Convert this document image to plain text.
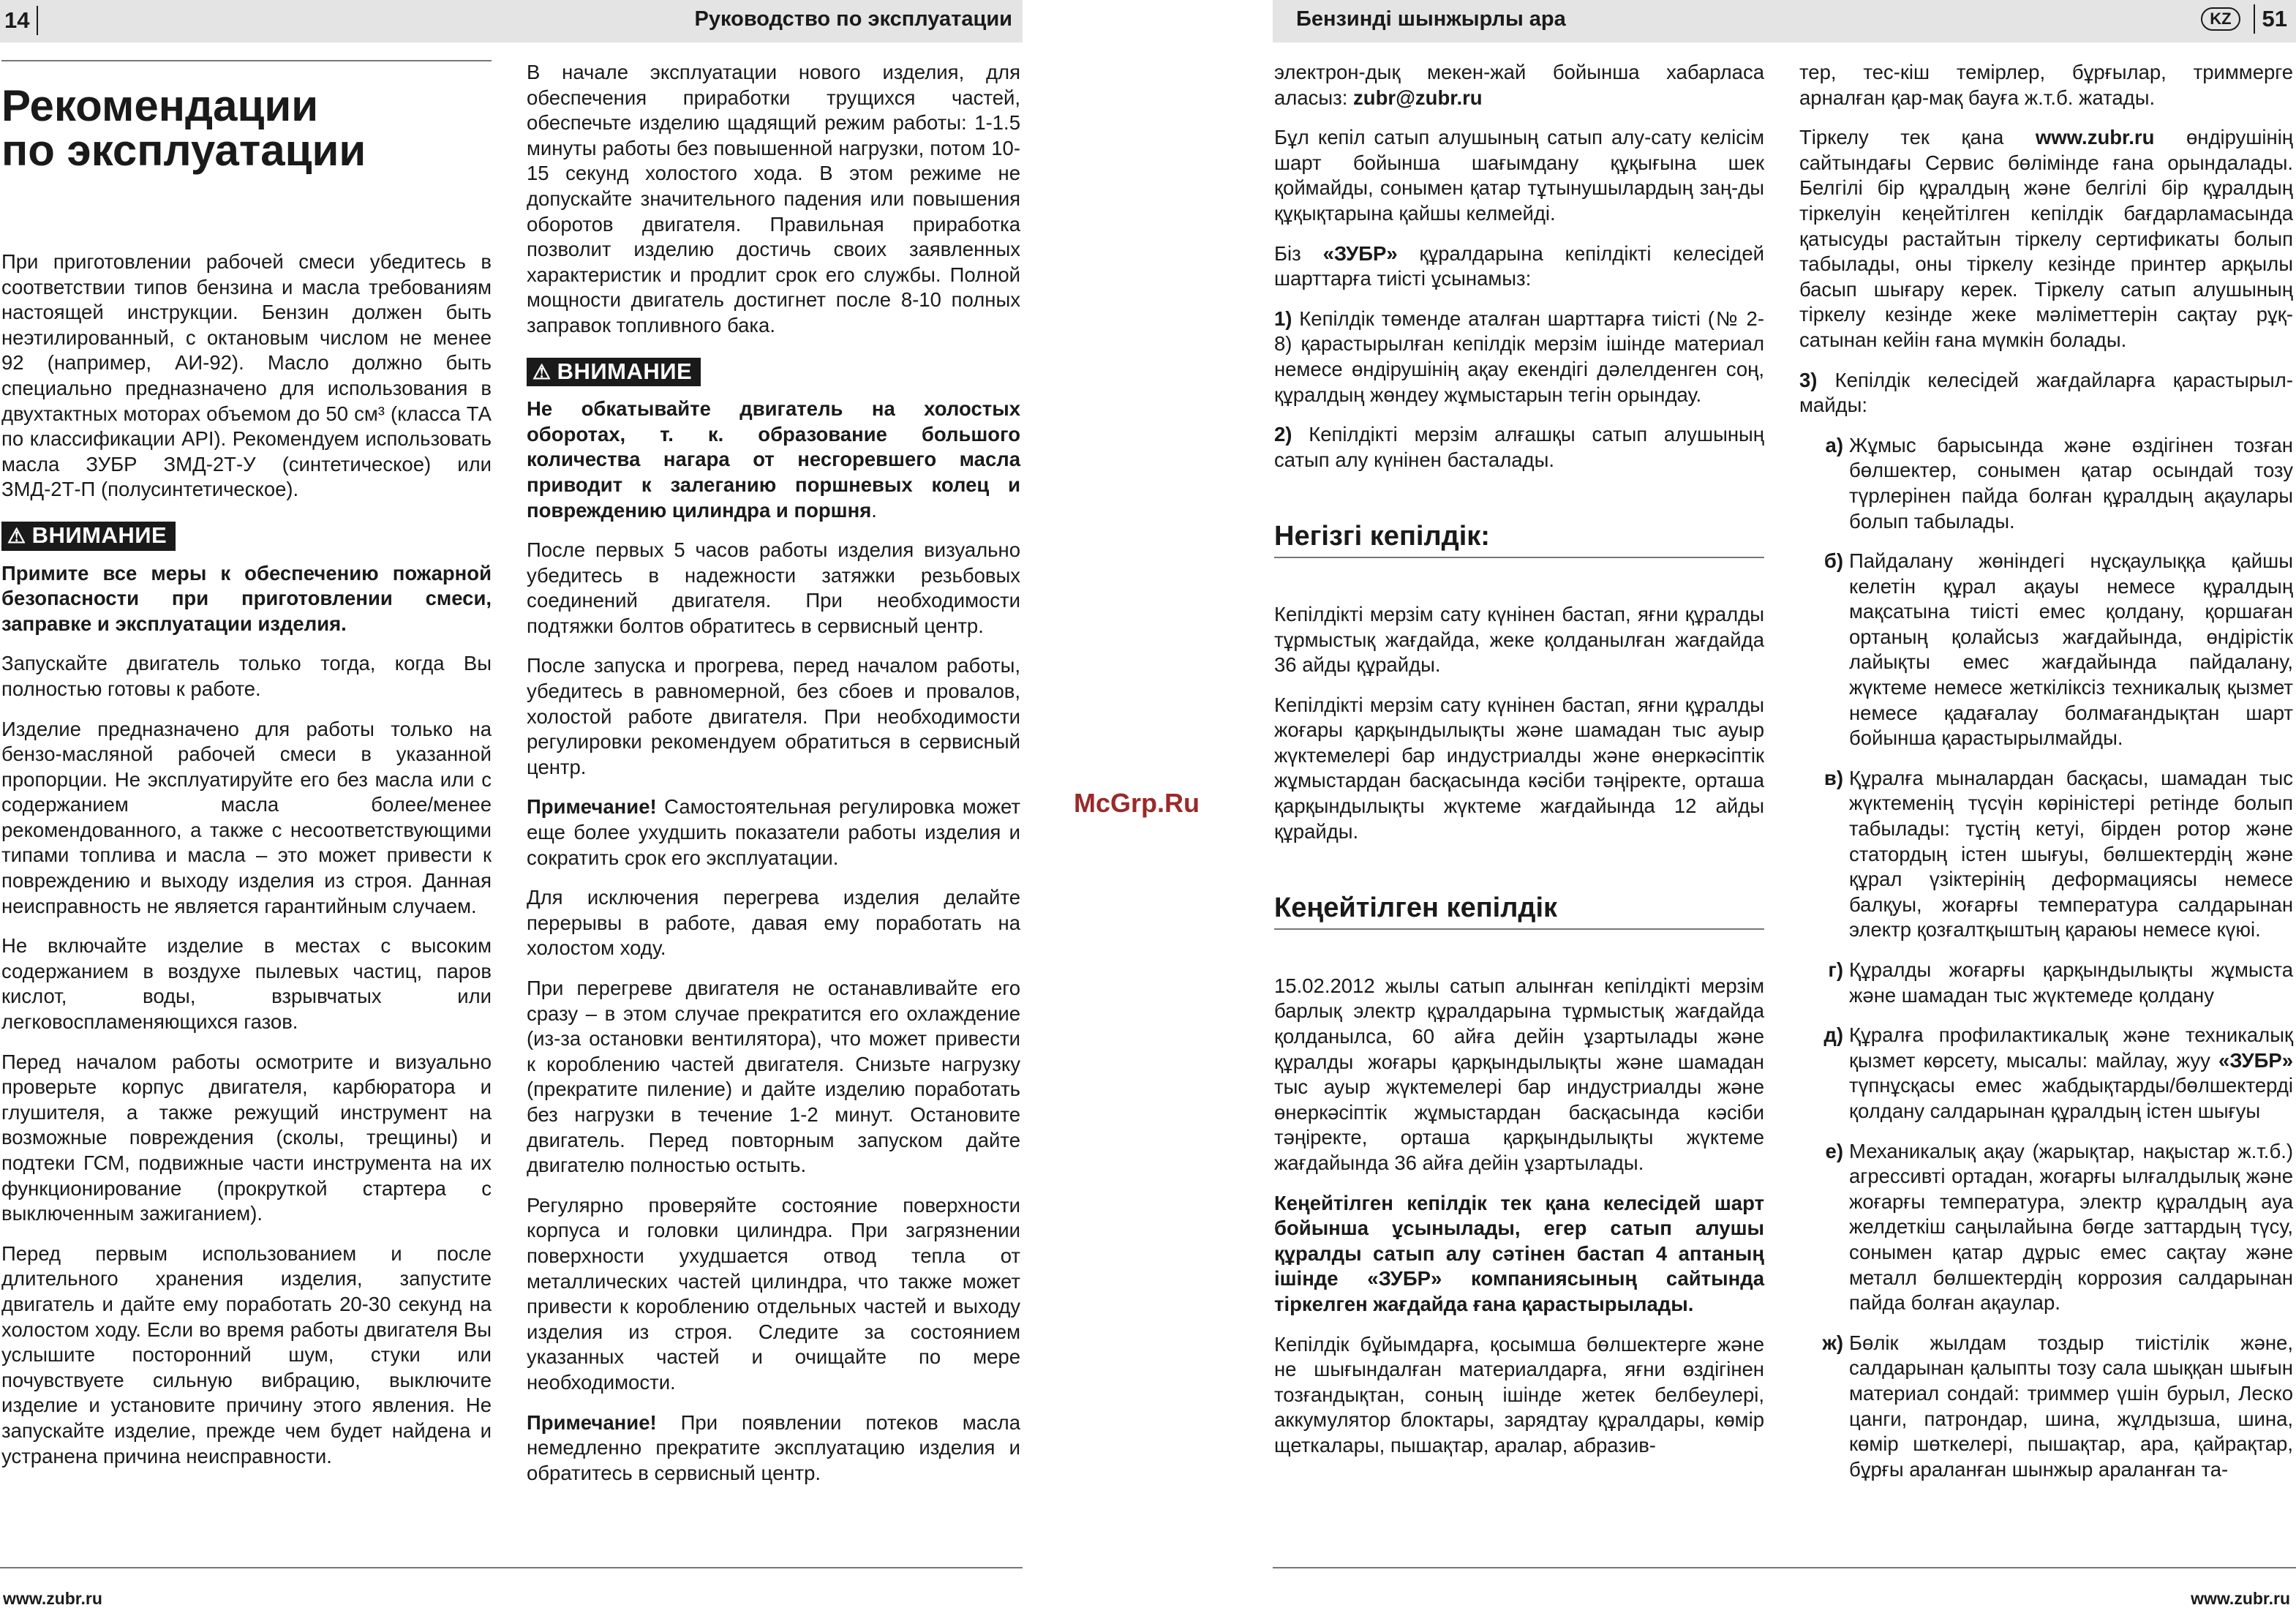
14	Руководство по эксплуатации
Рекомендации
по эксплуатации

При приготовлении рабочей смеси убедитесь в соответствии типов бензина и масла требованиям настоящей инструкции. Бензин должен быть неэтилированный, с октановым числом не менее 92 (например, АИ-92). Масло должно быть специально предназначено для использования в двухтактных моторах объемом до 50 см³ (класса ТА по классификации API). Рекомендуем использовать масла ЗУБР ЗМД-2Т-У (синтетическое) или ЗМД-2Т-П (полусинтетическое).

⚠ ВНИМАНИЕ

Примите все меры к обеспечению пожарной безопасности при приготовлении смеси, заправке и эксплуатации изделия.

Запускайте двигатель только тогда, когда Вы полностью готовы к работе.

Изделие предназначено для работы только на бензо-масляной рабочей смеси в указанной пропорции. Не эксплуатируйте его без масла или с содержанием масла более/менее рекомендованного, а также с несоответствующими типами топлива и масла – это может привести к повреждению и выходу изделия из строя. Данная неисправность не является гарантийным случаем.

Не включайте изделие в местах с высоким содержанием в воздухе пылевых частиц, паров кислот, воды, взрывчатых или легковоспламеняющихся газов.

Перед началом работы осмотрите и визуально проверьте корпус двигателя, карбюратора и глушителя, а также режущий инструмент на возможные повреждения (сколы, трещины) и подтеки ГСМ, подвижные части инструмента на их функционирование (прокруткой стартера с выключенным зажиганием).

Перед первым использованием и после длительного хранения изделия, запустите двигатель и дайте ему поработать 20-30 секунд на холостом ходу. Если во время работы двигателя Вы услышите посторонний шум, стуки или почувствуете сильную вибрацию, выключите изделие и установите причину этого явления. Не запускайте изделие, прежде чем будет найдена и устранена причина неисправности.

В начале эксплуатации нового изделия, для обеспечения приработки трущихся частей, обеспечьте изделию щадящий режим работы: 1-1.5 минуты работы без повышенной нагрузки, потом 10-15 секунд холостого хода. В этом режиме не допускайте значительного падения или повышения оборотов двигателя. Правильная приработка позволит изделию достичь своих заявленных характеристик и продлит срок его службы. Полной мощности двигатель достигнет после 8-10 полных заправок топливного бака.

⚠ ВНИМАНИЕ

Не обкатывайте двигатель на холостых оборотах, т. к. образование большого количества нагара от несгоревшего масла приводит к залеганию поршневых колец и повреждению цилиндра и поршня.

После первых 5 часов работы изделия визуально убедитесь в надежности затяжки резьбовых соединений двигателя. При необходимости подтяжки болтов обратитесь в сервисный центр.

После запуска и прогрева, перед началом работы, убедитесь в равномерной, без сбоев и провалов, холостой работе двигателя. При необходимости регулировки рекомендуем обратиться в сервисный центр.

Примечание! Самостоятельная регулировка может еще более ухудшить показатели работы изделия и сократить срок его эксплуатации.

Для исключения перегрева изделия делайте перерывы в работе, давая ему поработать на холостом ходу.

При перегреве двигателя не останавливайте его сразу – в этом случае прекратится его охлаждение (из-за остановки вентилятора), что может привести к короблению частей двигателя. Снизьте нагрузку (прекратите пиление) и дайте изделию поработать без нагрузки в течение 1-2 минут. Остановите двигатель. Перед повторным запуском дайте двигателю полностью остыть.

Регулярно проверяйте состояние поверхности корпуса и головки цилиндра. При загрязнении поверхности ухудшается отвод тепла от металлических частей цилиндра, что также может привести к короблению отдельных частей и выходу изделия из строя. Следите за состоянием указанных частей и очищайте по мере необходимости.

Примечание! При появлении потеков масла немедленно прекратите эксплуатацию изделия и обратитесь в сервисный центр.

www.zubr.ru
McGrp.Ru
Бензинді шынжырлы ара	KZ	51

электрон-дық мекен-жай бойынша хабарласа аласыз: zubr@zubr.ru

Бұл кепіл сатып алушының сатып алу-сату келісім шарт бойынша шағымдану құқығына шек қоймайды, сонымен қатар тұтынушылардың заң-ды құқықтарына қайшы келмейді.

Біз «ЗУБР» құралдарына кепілдікті келесідей шарттарға тиісті ұсынамыз:

1) Кепілдік төменде аталған шарттарға тиісті (№ 2-8) қарастырылған кепілдік мерзім ішінде материал немесе өндірушінің ақау екендігі дәлелденген соң, құралдың жөндеу жұмыстарын тегін орындау.

2) Кепілдікті мерзім алғашқы сатып алушының сатып алу күнінен басталады.

Негізгі кепілдік:

Кепілдікті мерзім сату күнінен бастап, яғни құралды тұрмыстық жағдайда, жеке қолданылған жағдайда 36 айды құрайды.

Кепілдікті мерзім сату күнінен бастап, яғни құралды жоғары қарқындылықты және шамадан тыс ауыр жүктемелері бар индустриалды және өнеркәсіптік жұмыстардан басқасында кәсіби тәңіректе, орташа қарқындылықты жүктеме жағдайында 12 айды құрайды.

Кеңейтілген кепілдік

15.02.2012 жылы сатып алынған кепілдікті мерзім барлық электр құралдарына тұрмыстық жағдайда қолданылса, 60 айға дейін ұзартылады және құралды жоғары қарқындылықты және шамадан тыс ауыр жүктемелері бар индустриалды және өнеркәсіптік жұмыстардан басқасында кәсіби тәңіректе, орташа қарқындылықты жүктеме жағдайында 36 айға дейін ұзартылады.

Кеңейтілген кепілдік тек қана келесідей шарт бойынша ұсынылады, егер сатып алушы құралды сатып алу сәтінен бастап 4 аптаның ішінде «ЗУБР» компаниясының сайтында тіркелген жағдайда ғана қарастырылады.

Кепілдік бұйымдарға, қосымша бөлшектерге және не шығындалған материалдарға, яғни өздігінен тозғандықтан, соның ішінде жетек белбеулері, аккумулятор блоктары, зарядтау құралдары, көмір щеткалары, пышақтар, аралар, абразив-

тер, тес-кіш темірлер, бұрғылар, триммерге арналған қар-мақ бауға ж.т.б. жатады.

Тіркелу тек қана www.zubr.ru өндірушінің сайтындағы Сервис бөлімінде ғана орындалады. Белгілі бір құралдың және белгілі бір құралдың тіркелуін кеңейтілген кепілдік бағдарламасында қатысуды растайтын тіркелу сертификаты болып табылады, оны тіркелу кезінде принтер арқылы басып шығару керек. Тіркелу сатып алушының тіркелу кезінде жеке мәліметтерін сақтау рұқ-сатынан кейін ғана мүмкін болады.

3) Кепілдік келесідей жағдайларға қарастырыл-майды:

а) Жұмыс барысында және өздігінен тозған бөлшектер, сонымен қатар осындай тозу түрлерінен пайда болған құралдың ақаулары болып табылады.
б) Пайдалану жөніндегі нұсқаулыққа қайшы келетін құрал ақауы немесе құралдың мақсатына тиісті емес қолдану, қоршаған ортаның қолайсыз жағдайында, өндірістік лайықты емес жағдайында пайдалану, жүктеме немесе жеткіліксіз техникалық қызмет немесе қадағалау болмағандықтан шарт бойынша қарастырылмайды.
в) Құралға мыналардан басқасы, шамадан тыс жүктеменің түсүін көріністері ретінде болып табылады: тұстің кетуі, бірден ротор және статордың істен шығуы, бөлшектердің және құрал үзіктерінің деформациясы немесе балқуы, жоғарғы температура салдарынан электр қозғалтқыштың қараюы немесе күюі.
г) Құралды жоғарғы қарқындылықты жұмыста және шамадан тыс жүктемеде қолдану
д) Құралға профилактикалық және техникалық қызмет көрсету, мысалы: майлау, жуу «ЗУБР» түпнұсқасы емес жабдықтарды/бөлшектерді қолдану салдарынан құралдың істен шығуы
е) Механикалық ақау (жарықтар, нақыстар ж.т.б.) агрессивті ортадан, жоғарғы ылғалдылық және жоғарғы температура, электр құралдың ауа желдеткіш саңылайына бөгде заттардың түсу, сонымен қатар дұрыс емес сақтау және металл бөлшектердің коррозия салдарынан пайда болған ақаулар.
ж) Бөлік жылдам тоздыр тиістілік және, салдарынан қалыпты тозу сала шыққан шығын материал сондай: триммер үшін бурыл, Леско цанги, патрондар, шина, жұлдызша, шина, көмір шөткелері, пышақтар, ара, қайрақтар, бұрғы араланған шынжыр араланған та-
www.zubr.ru
